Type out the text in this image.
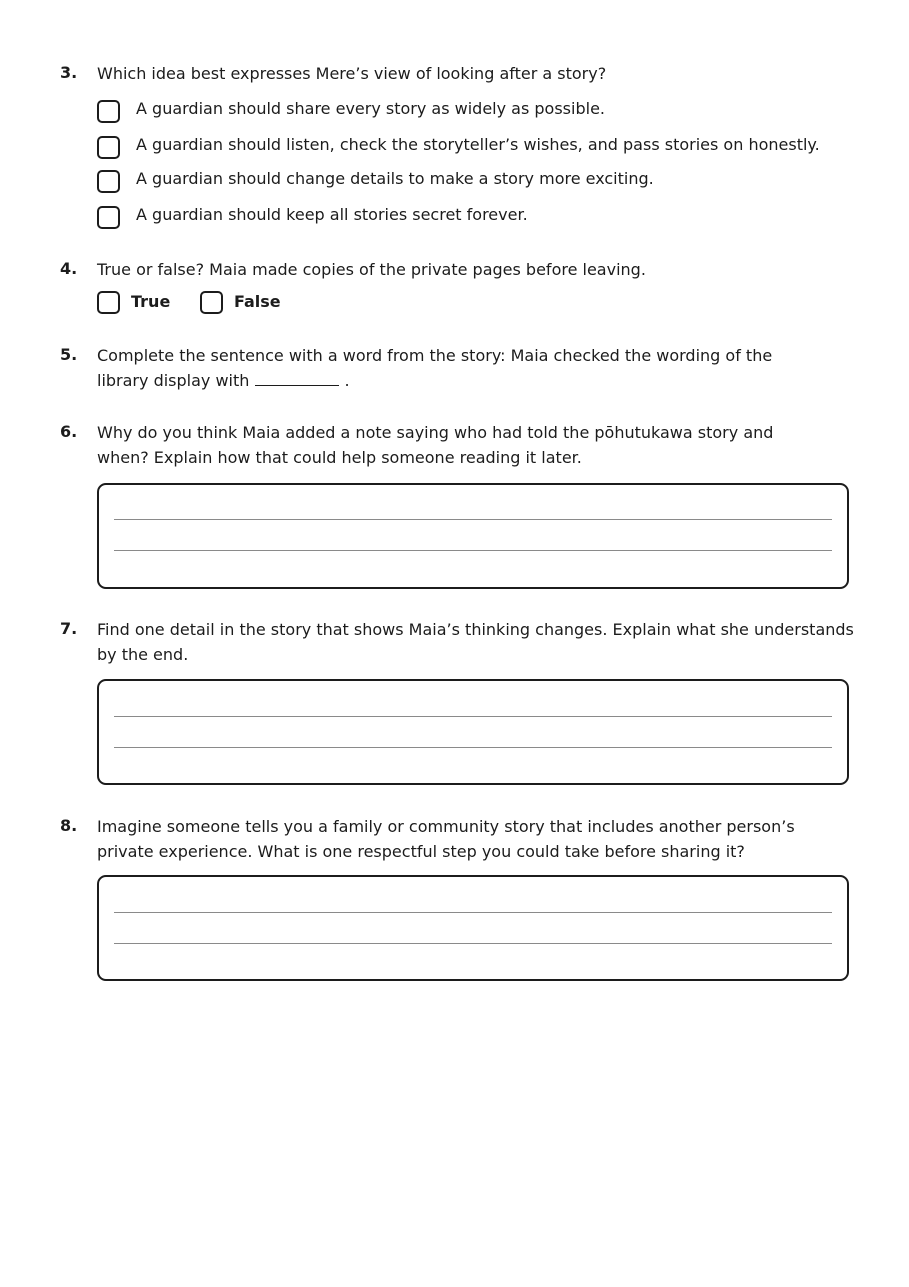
3. Which idea best expresses Mere’s view of looking after a story?
A guardian should share every story as widely as possible.
A guardian should listen, check the storyteller’s wishes, and pass stories on honestly.
A guardian should change details to make a story more exciting.
A guardian should keep all stories secret forever.
4. True or false? Maia made copies of the private pages before leaving.
True	False
5. Complete the sentence with a word from the story: Maia checked the wording of the library display with	.
6. Why do you think Maia added a note saying who had told the pōhutukawa story and when? Explain how that could help someone reading it later.
7. Find one detail in the story that shows Maia’s thinking changes. Explain what she understands by the end.
8. Imagine someone tells you a family or community story that includes another person’s private experience. What is one respectful step you could take before sharing it?
